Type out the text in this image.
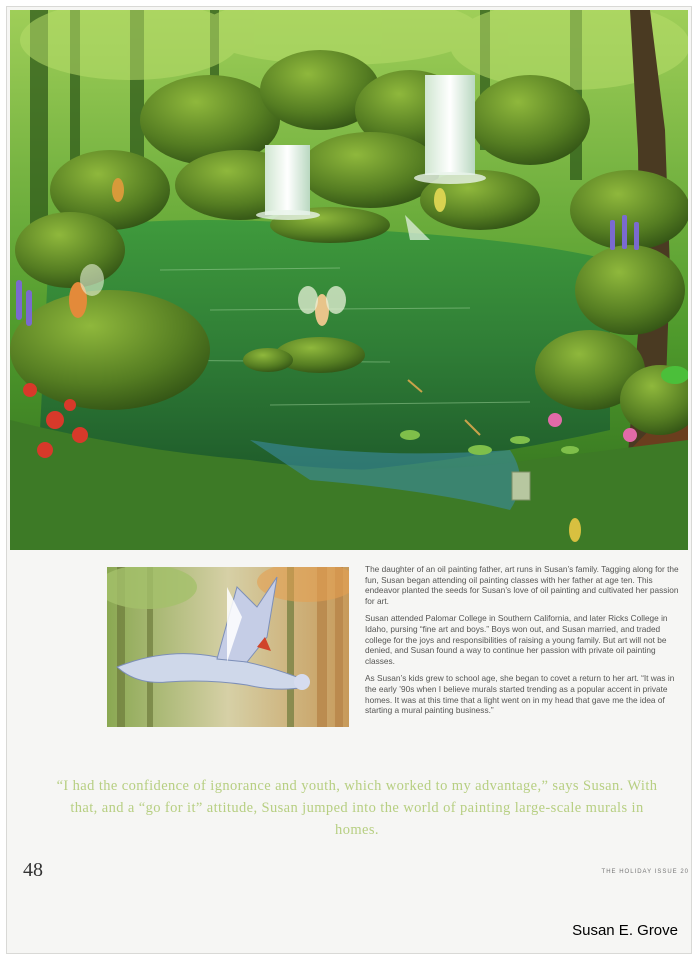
The daughter of an oil painting father, art runs in Susan’s family. Tagging along for the fun, Susan began attending oil painting classes with her father at age ten. This endeavor planted the seeds for Susan’s love of oil painting and cultivated her passion for art.

Susan attended Palomar College in Southern California, and later Ricks College in Idaho, pursing “fine art and boys.” Boys won out, and Susan married, and traded college for the joys and responsibilities of raising a young family. But art will not be denied, and Susan found a way to continue her passion with private oil painting classes.

As Susan’s kids grew to school age, she began to covet a return to her art. “It was in the early ’90s when I believe murals started trending as a popular accent in private homes. It was at this time that a light went on in my head that gave me the idea of starting a mural painting business.”

“I had the confidence of ignorance and youth, which worked to my advantage,” says Susan. With that, and a “go for it” attitude, Susan jumped into the world of painting large-scale murals in homes.
48	THE HOLIDAY ISSUE 20
Susan E. Grove
